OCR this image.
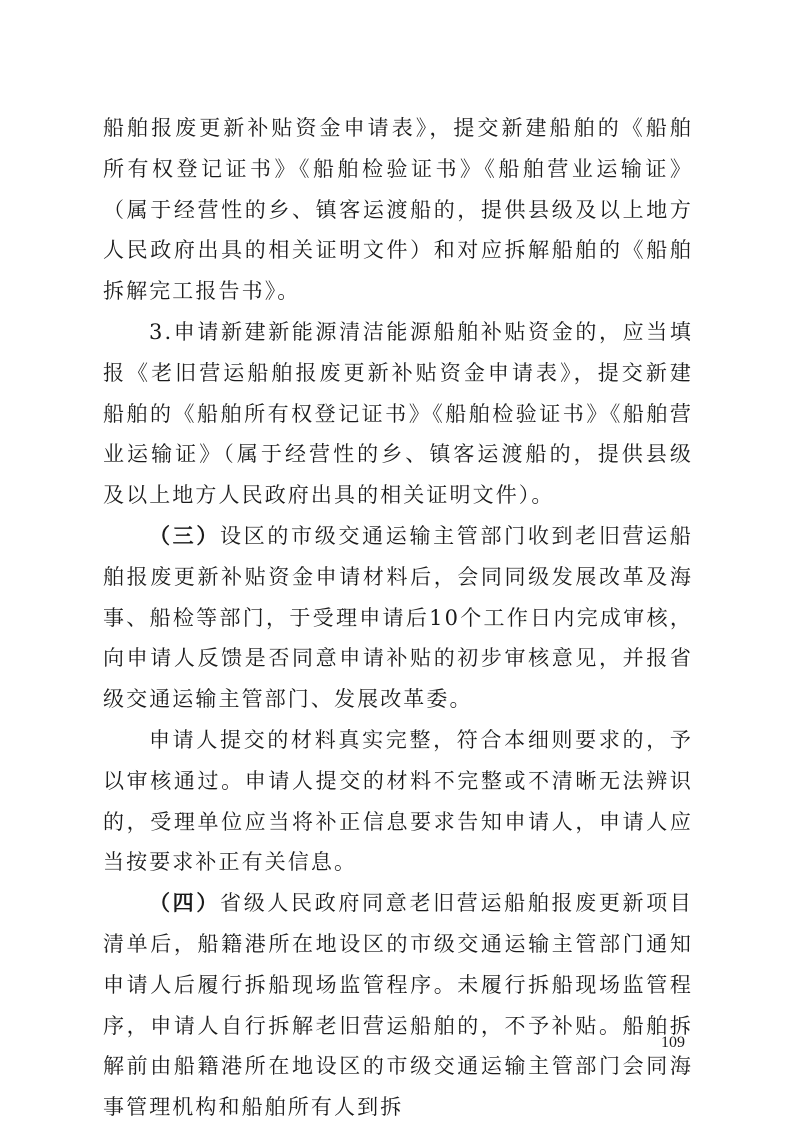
船舶报废更新补贴资金申请表》，提交新建船舶的《船舶所有权登记证书》《船舶检验证书》《船舶营业运输证》（属于经营性的乡、镇客运渡船的，提供县级及以上地方人民政府出具的相关证明文件）和对应拆解船舶的《船舶拆解完工报告书》。

3.申请新建新能源清洁能源船舶补贴资金的，应当填报《老旧营运船舶报废更新补贴资金申请表》，提交新建船舶的《船舶所有权登记证书》《船舶检验证书》《船舶营业运输证》（属于经营性的乡、镇客运渡船的，提供县级及以上地方人民政府出具的相关证明文件）。

（三）设区的市级交通运输主管部门收到老旧营运船舶报废更新补贴资金申请材料后，会同同级发展改革及海事、船检等部门，于受理申请后10个工作日内完成审核，向申请人反馈是否同意申请补贴的初步审核意见，并报省级交通运输主管部门、发展改革委。

申请人提交的材料真实完整，符合本细则要求的，予以审核通过。申请人提交的材料不完整或不清晰无法辨识的，受理单位应当将补正信息要求告知申请人，申请人应当按要求补正有关信息。

（四）省级人民政府同意老旧营运船舶报废更新项目清单后，船籍港所在地设区的市级交通运输主管部门通知申请人后履行拆船现场监管程序。未履行拆船现场监管程序，申请人自行拆解老旧营运船舶的，不予补贴。船舶拆解前由船籍港所在地设区的市级交通运输主管部门会同海事管理机构和船舶所有人到拆

109
